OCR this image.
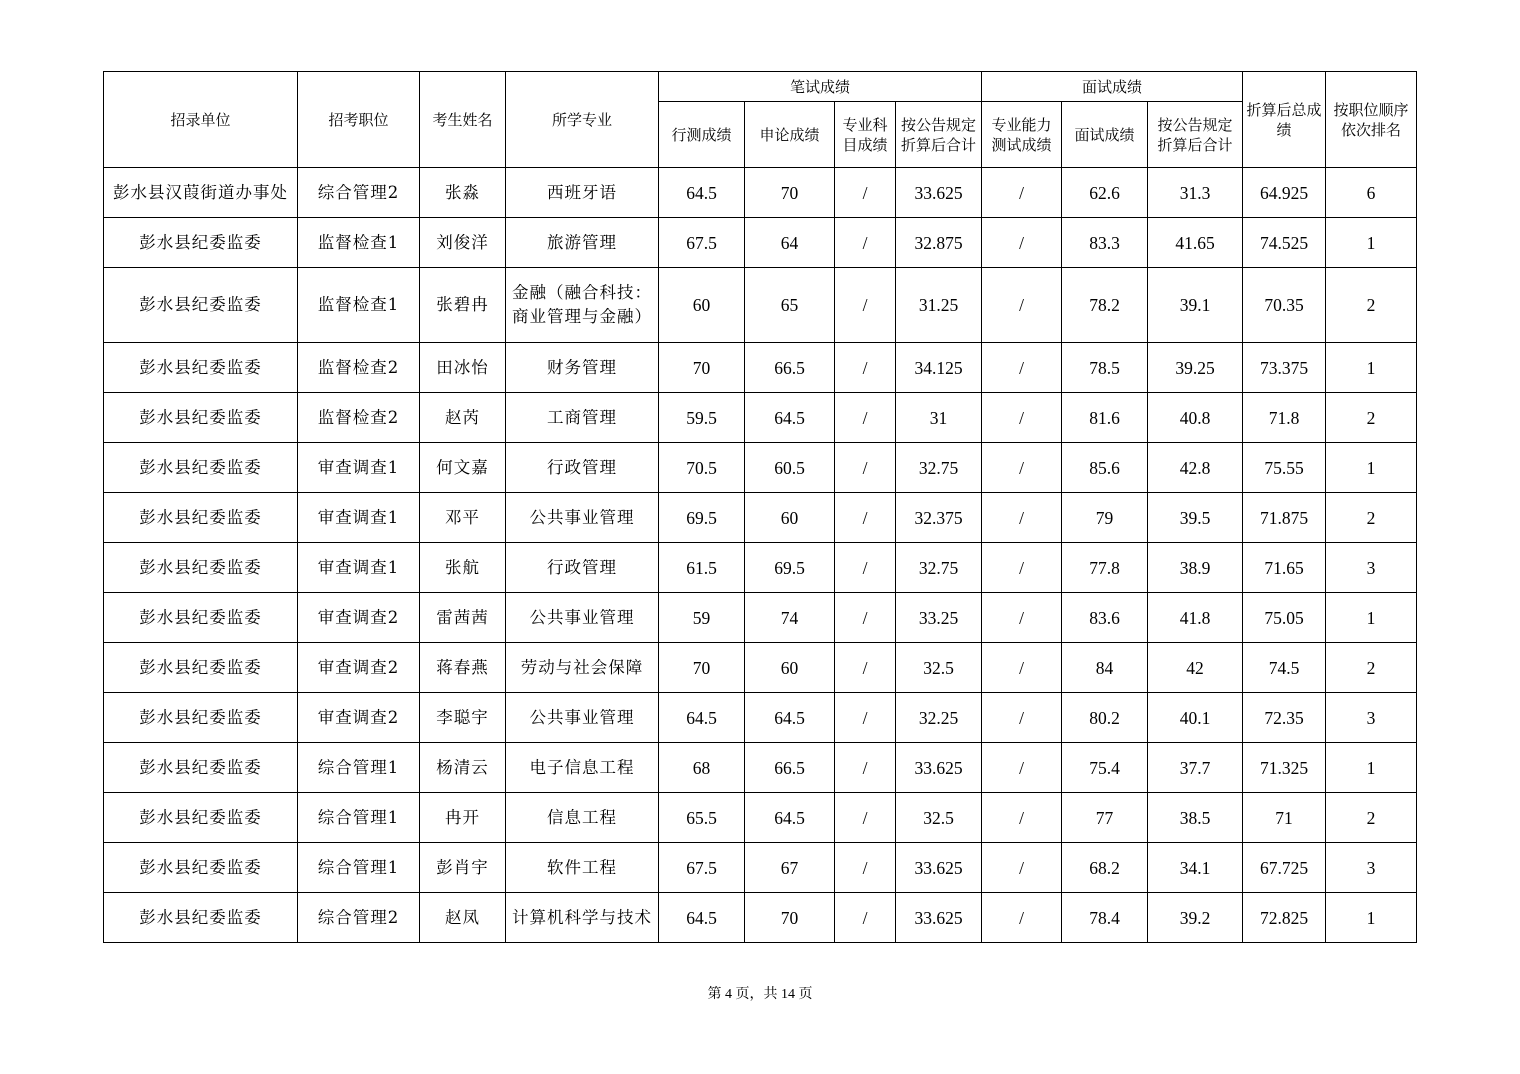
招录单位	招考职位	考生姓名	所学专业	笔试成绩				面试成绩			折算后总成绩	按职位顺序依次排名
				行测成绩	申论成绩	专业科目成绩	按公告规定折算后合计	专业能力测试成绩	面试成绩	按公告规定折算后合计		
彭水县汉葭街道办事处	综合管理2	张淼	西班牙语	64.5	70	/	33.625	/	62.6	31.3	64.925	6
彭水县纪委监委	监督检查1	刘俊洋	旅游管理	67.5	64	/	32.875	/	83.3	41.65	74.525	1
彭水县纪委监委	监督检查1	张碧冉	金融（融合科技：商业管理与金融）	60	65	/	31.25	/	78.2	39.1	70.35	2
彭水县纪委监委	监督检查2	田冰怡	财务管理	70	66.5	/	34.125	/	78.5	39.25	73.375	1
彭水县纪委监委	监督检查2	赵芮	工商管理	59.5	64.5	/	31	/	81.6	40.8	71.8	2
彭水县纪委监委	审查调查1	何文嘉	行政管理	70.5	60.5	/	32.75	/	85.6	42.8	75.55	1
彭水县纪委监委	审查调查1	邓平	公共事业管理	69.5	60	/	32.375	/	79	39.5	71.875	2
彭水县纪委监委	审查调查1	张航	行政管理	61.5	69.5	/	32.75	/	77.8	38.9	71.65	3
彭水县纪委监委	审查调查2	雷茜茜	公共事业管理	59	74	/	33.25	/	83.6	41.8	75.05	1
彭水县纪委监委	审查调查2	蒋春燕	劳动与社会保障	70	60	/	32.5	/	84	42	74.5	2
彭水县纪委监委	审查调查2	李聪宇	公共事业管理	64.5	64.5	/	32.25	/	80.2	40.1	72.35	3
彭水县纪委监委	综合管理1	杨清云	电子信息工程	68	66.5	/	33.625	/	75.4	37.7	71.325	1
彭水县纪委监委	综合管理1	冉开	信息工程	65.5	64.5	/	32.5	/	77	38.5	71	2
彭水县纪委监委	综合管理1	彭肖宇	软件工程	67.5	67	/	33.625	/	68.2	34.1	67.725	3
彭水县纪委监委	综合管理2	赵凤	计算机科学与技术	64.5	70	/	33.625	/	78.4	39.2	72.825	1
第 4 页，共 14 页
